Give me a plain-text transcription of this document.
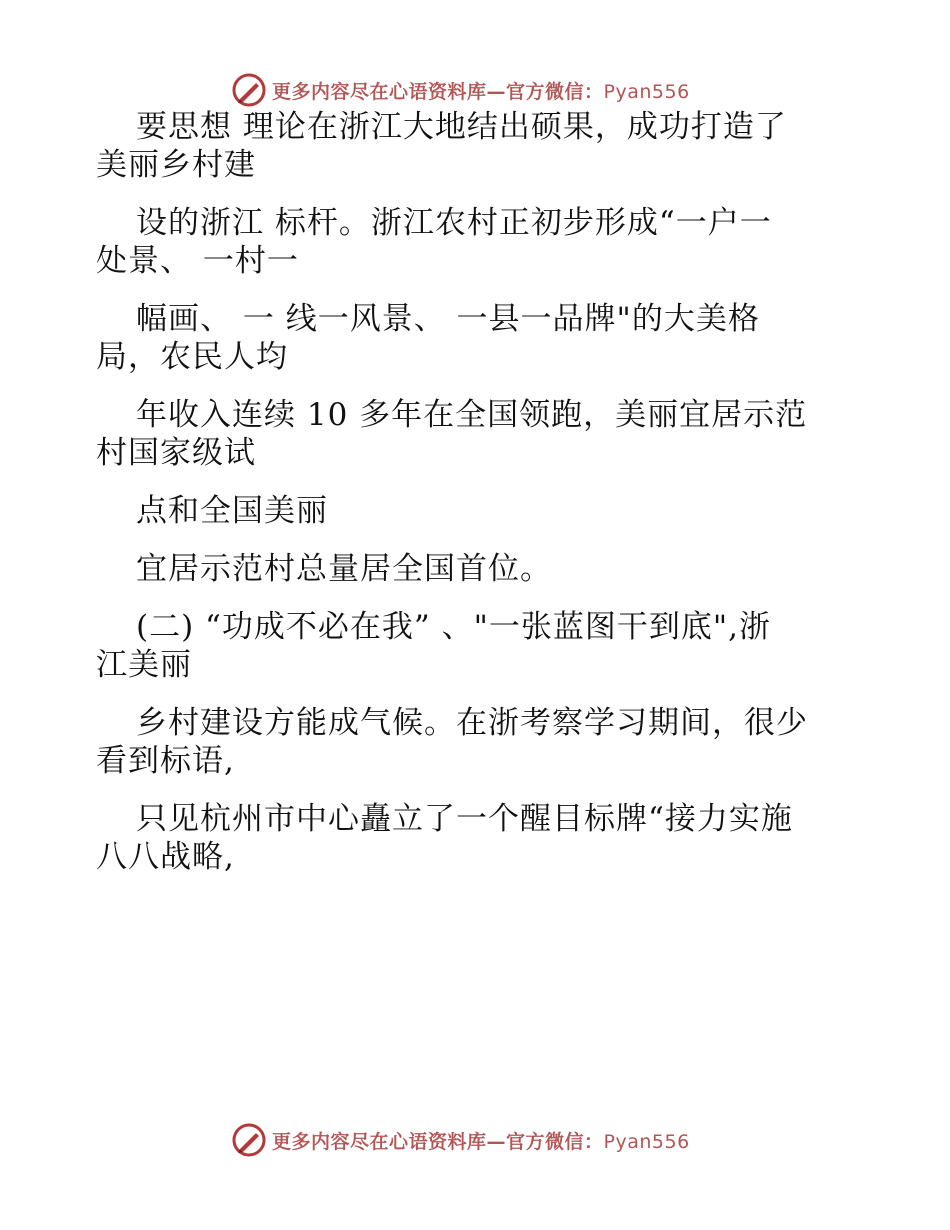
更多内容尽在心语资料库—官方微信：Pyan556

要思想 理论在浙江大地结出硕果，成功打造了

美丽乡村建

设的浙江 标杆。浙江农村正初步形成“一户一

处景、 一村一

幅画、 一 线一风景、 一县一品牌"的大美格

局，农民人均

年收入连续 10 多年在全国领跑，美丽宜居示范

村国家级试

点和全国美丽

宜居示范村总量居全国首位。

(二) “功成不必在我” 、"一张蓝图干到底",浙

江美丽

乡村建设方能成气候。在浙考察学习期间，很少

看到标语,

只见杭州市中心矗立了一个醒目标牌“接力实施

八八战略,

更多内容尽在心语资料库—官方微信：Pyan556
